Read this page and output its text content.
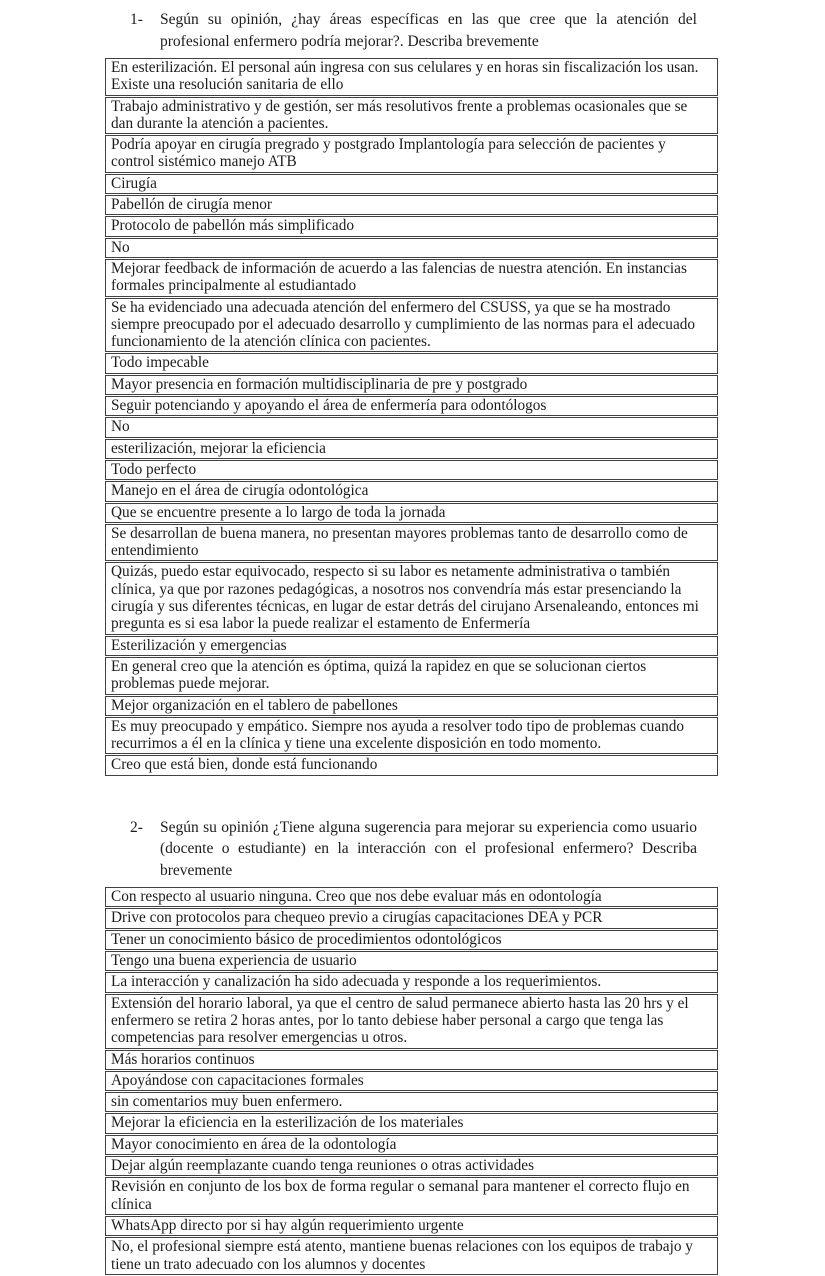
1- Según su opinión, ¿hay áreas específicas en las que cree que la atención del profesional enfermero podría mejorar?. Describa brevemente

En esterilización. El personal aún ingresa con sus celulares y en horas sin fiscalización los usan. Existe una resolución sanitaria de ello
Trabajo administrativo y de gestión, ser más resolutivos frente a problemas ocasionales que se dan durante la atención a pacientes.
Podría apoyar en cirugía pregrado y postgrado Implantología para selección de pacientes y control sistémico manejo ATB
Cirugía
Pabellón de cirugía menor
Protocolo de pabellón más simplificado
No
Mejorar feedback de información de acuerdo a las falencias de nuestra atención. En instancias formales principalmente al estudiantado
Se ha evidenciado una adecuada atención del enfermero del CSUSS, ya que se ha mostrado siempre preocupado por el adecuado desarrollo y cumplimiento de las normas para el adecuado funcionamiento de la atención clínica con pacientes.
Todo impecable
Mayor presencia en formación multidisciplinaria de pre y postgrado
Seguir potenciando y apoyando el área de enfermería para odontólogos
No
esterilización, mejorar la eficiencia
Todo perfecto
Manejo en el área de cirugía odontológica
Que se encuentre presente a lo largo de toda la jornada
Se desarrollan de buena manera, no presentan mayores problemas tanto de desarrollo como de entendimiento
Quizás, puedo estar equivocado, respecto si su labor es netamente administrativa o también clínica, ya que por razones pedagógicas, a nosotros nos convendría más estar presenciando la cirugía y sus diferentes técnicas, en lugar de estar detrás del cirujano Arsenaleando, entonces mi pregunta es si esa labor la puede realizar el estamento de Enfermería
Esterilización y emergencias
En general creo que la atención es óptima, quizá la rapidez en que se solucionan ciertos problemas puede mejorar.
Mejor organización en el tablero de pabellones
Es muy preocupado y empático. Siempre nos ayuda a resolver todo tipo de problemas cuando recurrimos a él en la clínica y tiene una excelente disposición en todo momento.
Creo que está bien, donde está funcionando

2- Según su opinión ¿Tiene alguna sugerencia para mejorar su experiencia como usuario (docente o estudiante) en la interacción con el profesional enfermero? Describa brevemente

Con respecto al usuario ninguna. Creo que nos debe evaluar más en odontología
Drive con protocolos para chequeo previo a cirugías capacitaciones DEA y PCR
Tener un conocimiento básico de procedimientos odontológicos
Tengo una buena experiencia de usuario
La interacción y canalización ha sido adecuada y responde a los requerimientos.
Extensión del horario laboral, ya que el centro de salud permanece abierto hasta las 20 hrs y el enfermero se retira 2 horas antes, por lo tanto debiese haber personal a cargo que tenga las competencias para resolver emergencias u otros.
Más horarios continuos
Apoyándose con capacitaciones formales
sin comentarios muy buen enfermero.
Mejorar la eficiencia en la esterilización de los materiales
Mayor conocimiento en área de la odontología
Dejar algún reemplazante cuando tenga reuniones o otras actividades
Revisión en conjunto de los box de forma regular o semanal para mantener el correcto flujo en clínica
WhatsApp directo por si hay algún requerimiento urgente
No, el profesional siempre está atento, mantiene buenas relaciones con los equipos de trabajo y tiene un trato adecuado con los alumnos y docentes
